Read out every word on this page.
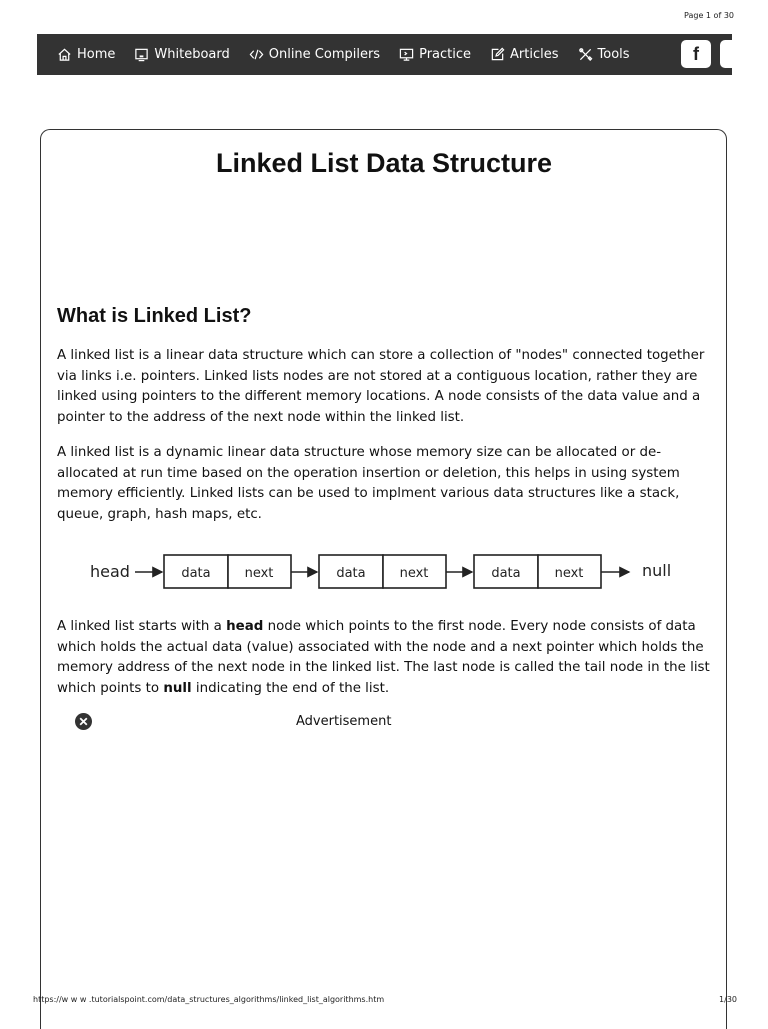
Page 1 of 30
Home	Whiteboard	Online Compilers	Practice	Articles	Tools	f
Linked List Data Structure
What is Linked List?

A linked list is a linear data structure which can store a collection of "nodes" connected together via links i.e. pointers. Linked lists nodes are not stored at a contiguous location, rather they are linked using pointers to the different memory locations. A node consists of the data value and a pointer to the address of the next node within the linked list.

A linked list is a dynamic linear data structure whose memory size can be allocated or de-allocated at run time based on the operation insertion or deletion, this helps in using system memory efficiently. Linked lists can be used to implment various data structures like a stack, queue, graph, hash maps, etc.

head	data	next	data	next	data	next	null

A linked list starts with a head node which points to the first node. Every node consists of data which holds the actual data (value) associated with the node and a next pointer which holds the memory address of the next node in the linked list. The last node is called the tail node in the list which points to null indicating the end of the list.

Advertisement
https://w w w .tutorialspoint.com/data_structures_algorithms/linked_list_algorithms.htm	1/30
